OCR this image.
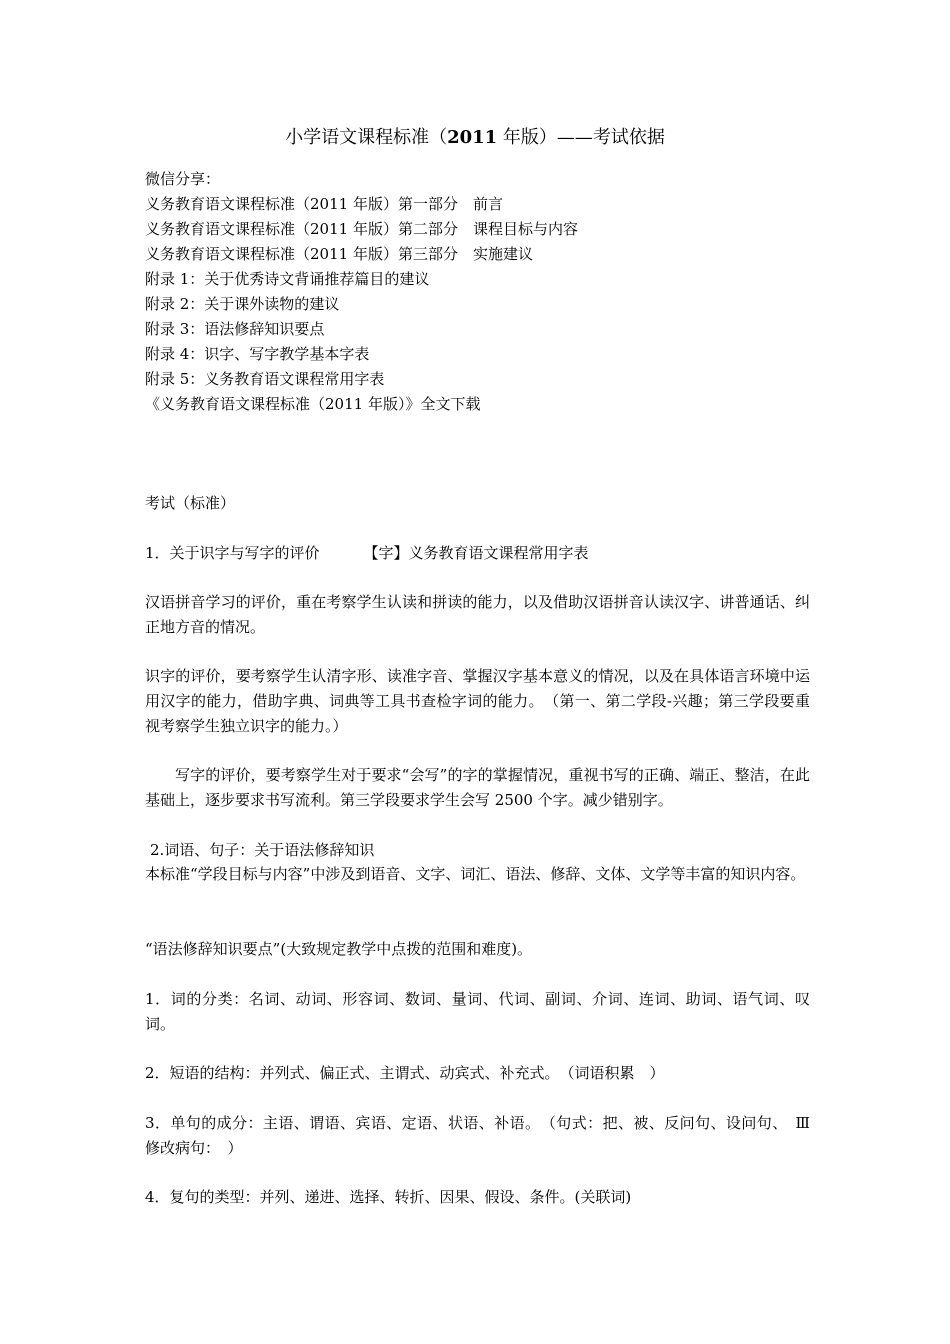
小学语文课程标准（2011 年版）——考试依据
微信分享：
义务教育语文课程标准（2011 年版）第一部分　前言
义务教育语文课程标准（2011 年版）第二部分　课程目标与内容
义务教育语文课程标准（2011 年版）第三部分　实施建议
附录 1：关于优秀诗文背诵推荐篇目的建议
附录 2：关于课外读物的建议
附录 3：语法修辞知识要点
附录 4：识字、写字教学基本字表
附录 5：义务教育语文课程常用字表
《义务教育语文课程标准（2011 年版）》全文下载
考试（标准）
1．关于识字与写字的评价	【字】义务教育语文课程常用字表
汉语拼音学习的评价，重在考察学生认读和拼读的能力，以及借助汉语拼音认读汉字、讲普通话、纠正地方音的情况。
识字的评价，要考察学生认清字形、读准字音、掌握汉字基本意义的情况，以及在具体语言环境中运用汉字的能力，借助字典、词典等工具书查检字词的能力。　（第一、第二学段-兴趣；第三学段要重视考察学生独立识字的能力。）
写字的评价，要考察学生对于要求“会写”的字的掌握情况，重视书写的正确、端正、整洁，在此基础上，逐步要求书写流利。第三学段要求学生会写 2500 个字。减少错别字。
2.词语、句子：关于语法修辞知识
本标准“学段目标与内容”中涉及到语音、文字、词汇、语法、修辞、文体、文学等丰富的知识内容。
“语法修辞知识要点”(大致规定教学中点拨的范围和难度)。
1．词的分类：名词、动词、形容词、数词、量词、代词、副词、介词、连词、助词、语气词、叹词。
2．短语的结构：并列式、偏正式、主谓式、动宾式、补充式。　（词语积累　）
3．单句的成分：主语、谓语、宾语、定语、状语、补语。　（句式：把、被、反问句、设问句、　Ⅲ 修改病句：　）
4．复句的类型：并列、递进、选择、转折、因果、假设、条件。(关联词)
